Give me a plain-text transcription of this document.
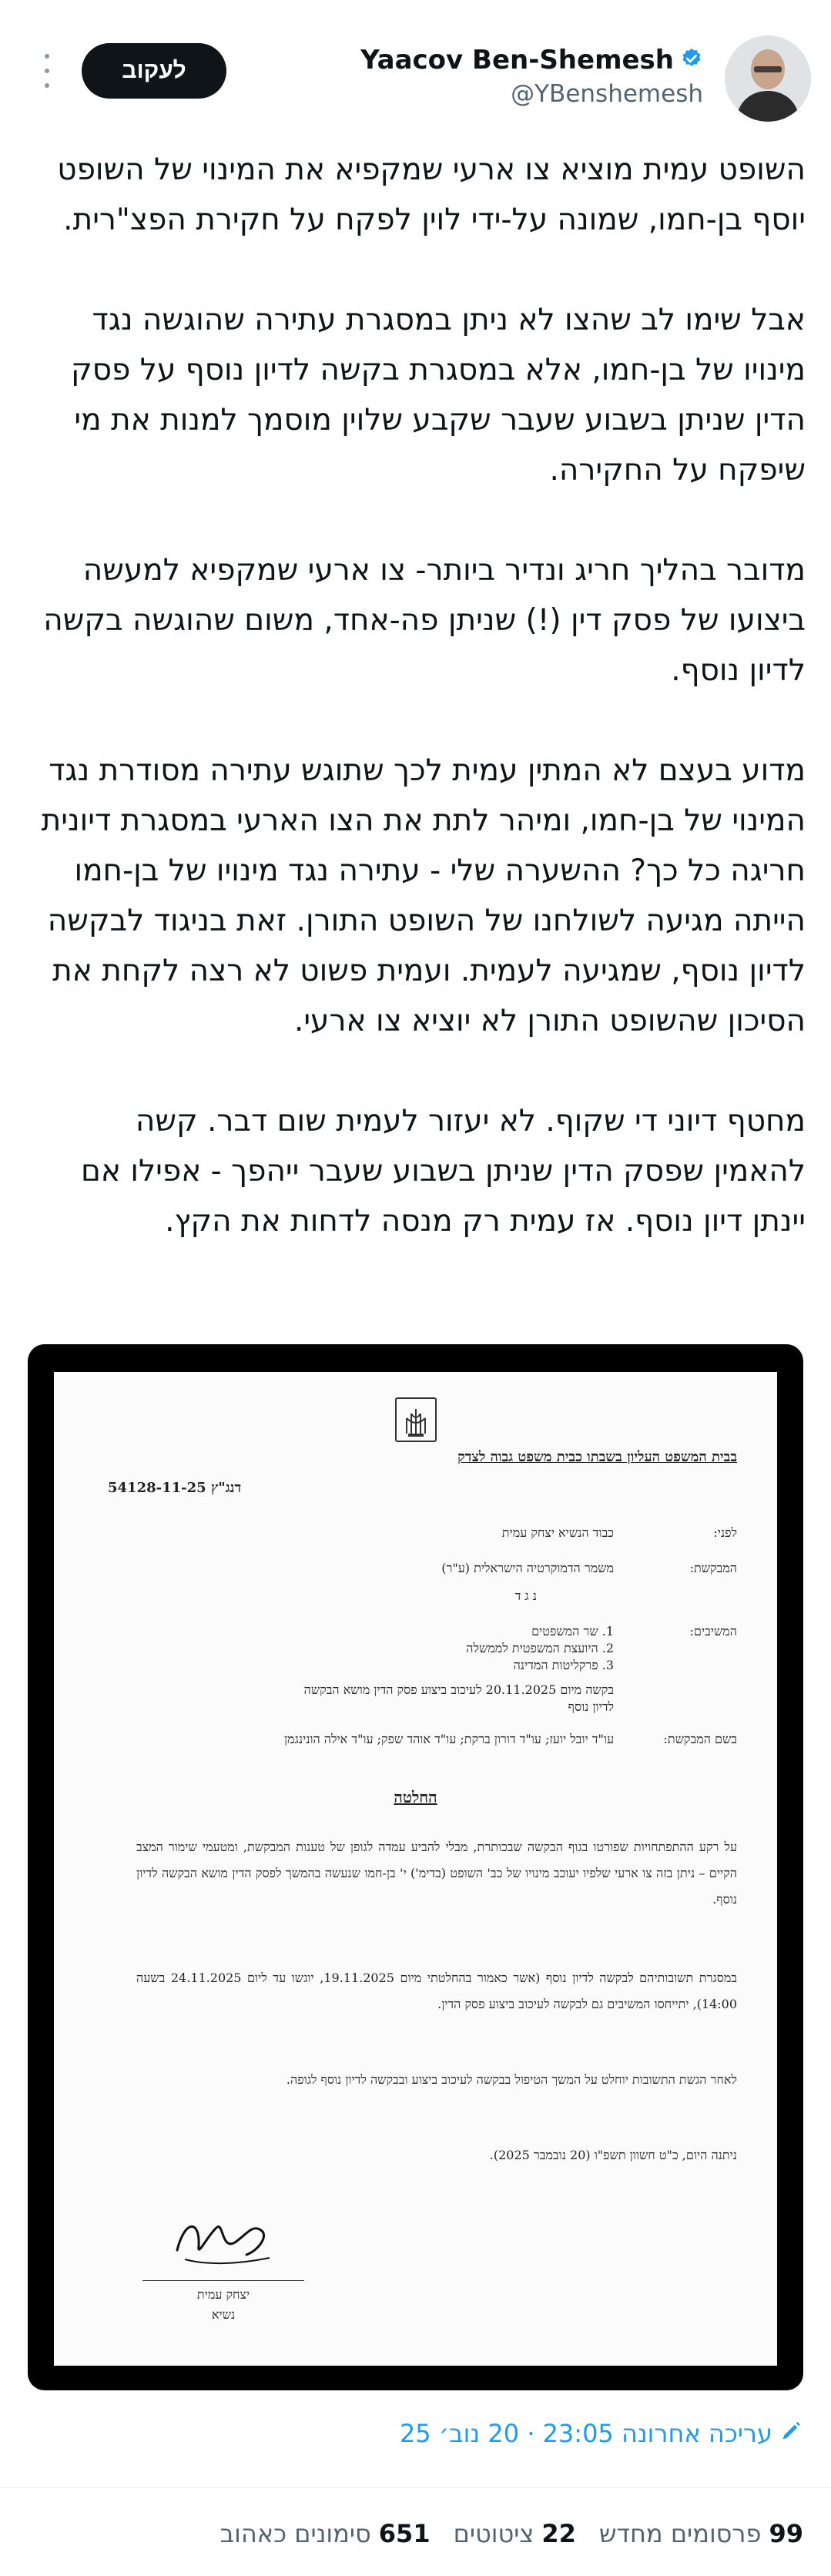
Yaacov Ben-Shemesh
@YBenshemesh
לעקוב

השופט עמית מוציא צו ארעי שמקפיא את המינוי של השופט יוסף בן-חמו, שמונה על-ידי לוין לפקח על חקירת הפצ"רית.

אבל שימו לב שהצו לא ניתן במסגרת עתירה שהוגשה נגד מינויו של בן-חמו, אלא במסגרת בקשה לדיון נוסף על פסק הדין שניתן בשבוע שעבר שקבע שלוין מוסמך למנות את מי שיפקח על החקירה.

מדובר בהליך חריג ונדיר ביותר- צו ארעי שמקפיא למעשה ביצועו של פסק דין (!) שניתן פה-אחד, משום שהוגשה בקשה לדיון נוסף.

מדוע בעצם לא המתין עמית לכך שתוגש עתירה מסודרת נגד המינוי של בן-חמו, ומיהר לתת את הצו הארעי במסגרת דיונית חריגה כל כך? ההשערה שלי - עתירה נגד מינויו של בן-חמו הייתה מגיעה לשולחנו של השופט התורן. זאת בניגוד לבקשה לדיון נוסף, שמגיעה לעמית. ועמית פשוט לא רצה לקחת את הסיכון שהשופט התורן לא יוציא צו ארעי.

מחטף דיוני די שקוף. לא יעזור לעמית שום דבר. קשה להאמין שפסק הדין שניתן בשבוע שעבר ייהפך - אפילו אם יינתן דיון נוסף. אז עמית רק מנסה לדחות את הקץ.

בבית המשפט העליון בשבתו כבית משפט גבוה לצדק
דנג"ץ 54128-11-25
לפני:
כבוד הנשיא יצחק עמית
המבקשת:
משמר הדמוקרטיה הישראלית (ע"ר)
נ ג ד
המשיבים:
1. שר המשפטים
2. היועצת המשפטית לממשלה
3. פרקליטות המדינה
בקשה מיום 20.11.2025 לעיכוב ביצוע פסק הדין מושא הבקשה לדיון נוסף
בשם המבקשת:
עו"ד יובל יועז; עו"ד דורון ברקת; עו"ד אוהד שפק; עו"ד אילה הונינגמן
החלטה
על רקע ההתפתחויות שפורטו בגוף הבקשה שבכותרת, מבלי להביע עמדה לגופן של טענות המבקשת, ומטעמי שימור המצב הקיים – ניתן בזה צו ארעי שלפיו יעוכב מינויו של כב' השופט (בדימ') י' בן-חמו שנעשה בהמשך לפסק הדין מושא הבקשה לדיון נוסף.
במסגרת תשובותיהם לבקשה לדיון נוסף (אשר כאמור בהחלטתי מיום 19.11.2025, יוגשו עד ליום 24.11.2025 בשעה 14:00), יתייחסו המשיבים גם לבקשה לעיכוב ביצוע פסק הדין.
לאחר הגשת התשובות יוחלט על המשך הטיפול בבקשה לעיכוב ביצוע ובבקשה לדיון נוסף לגופה.
ניתנה היום, כ"ט חשוון תשפ"ו (20 נובמבר 2025).
יצחק עמית
נשיא
עריכה אחרונה 23:05 · 20 נוב׳ 25
99פרסומים מחדש
22ציטוטים
651סימונים כאהוב
